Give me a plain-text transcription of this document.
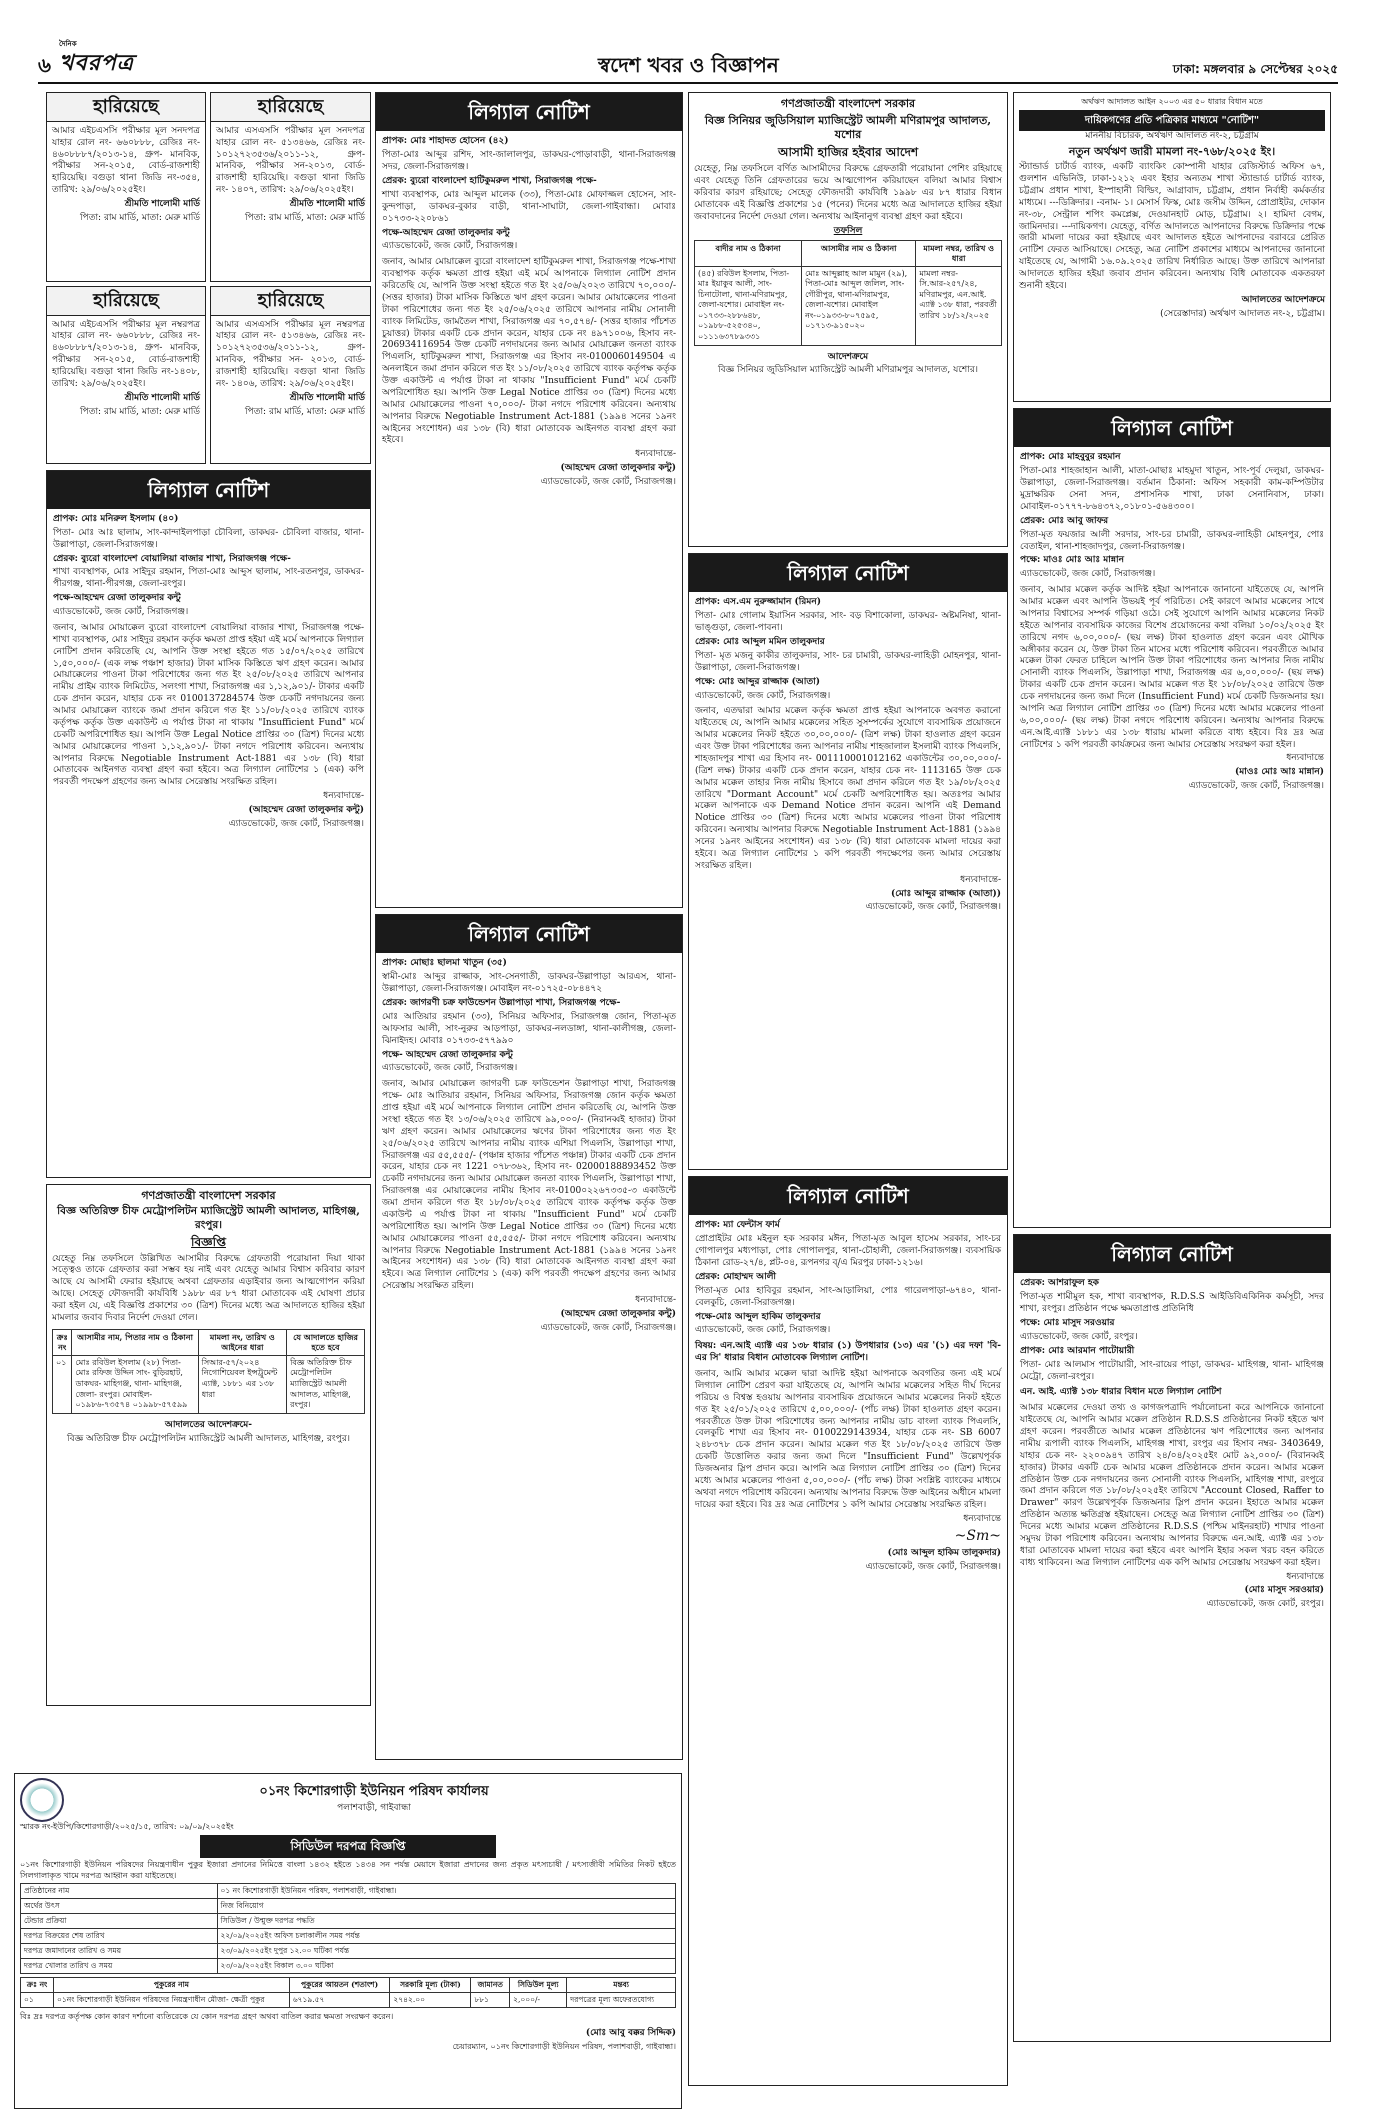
৬
দৈনিক
খবরপত্র	স্বদেশ খবর ও বিজ্ঞাপন	ঢাকা: মঙ্গলবার ৯ সেপ্টেম্বর ২০২৫
হারিয়েছে

আমার এইচএসসি পরীক্ষার মূল সনদপত্র যাহার রোল নং- ৬৬০৮৮৮, রেজিঃ নং- ৪৬০৮৮৮৭/২০১৩-১৪, গ্রুপ- মানবিক, পরীক্ষার সন-২০১৫, বোর্ড-রাজশাহী হারিয়েছি। বগুড়া থানা জিডি নং-৩৫৪, তারিখ: ২৯/০৬/২০২৫ইং।

শ্রীমতি শালোমী মার্ডি

পিতা: রাম মার্ডি, মাতা: মেরু মার্ডি

হারিয়েছে

আমার এসএসসি পরীক্ষার মূল সনদপত্র যাহার রোল নং- ৫১৩৪৬৬, রেজিঃ নং- ১০১২৭২৩৫৩৬/২০১১-১২, গ্রুপ- মানবিক, পরীক্ষার সন-২০১৩, বোর্ড-রাজশাহী হারিয়েছি। বগুড়া থানা জিডি নং- ১৪০৭, তারিখ: ২৯/০৬/২০২৫ইং।

শ্রীমতি শালোমী মার্ডি

পিতা: রাম মার্ডি, মাতা: মেরু মার্ডি

হারিয়েছে

আমার এইচএসসি পরীক্ষার মূল নম্বরপত্র যাহার রোল নং- ৬৬০৮৮৮, রেজিঃ নং- ৪৬০৮৮৮৭/২০১৩-১৪, গ্রুপ- মানবিক, পরীক্ষার সন-২০১৫, বোর্ড-রাজশাহী হারিয়েছি। বগুড়া থানা জিডি নং-১৪০৮, তারিখ: ২৯/০৬/২০২৫ইং।

শ্রীমতি শালোমী মার্ডি

পিতা: রাম মার্ডি, মাতা: মেরু মার্ডি

হারিয়েছে

আমার এসএসসি পরীক্ষার মূল নম্বরপত্র যাহার রোল নং- ৫১৩৪৬৬, রেজিঃ নং- ১০১২৭২৩৫৩৬/২০১১-১২, গ্রুপ- মানবিক, পরীক্ষার সন- ২০১৩, বোর্ড-রাজশাহী হারিয়েছি। বগুড়া থানা জিডি নং- ১৪০৬, তারিখ: ২৯/০৬/২০২৫ইং।

শ্রীমতি শালোমী মার্ডি

পিতা: রাম মার্ডি, মাতা: মেরু মার্ডি

লিগ্যাল নোটিশ

প্রাপক: মোঃ মনিরুল ইসলাম (৪০)

পিতা- মোঃ আঃ ছালাম, সাং-কান্দাইলপাড়া চৌবিলা, ডাকঘর- চৌবিলা বাজার, থানা-উল্লাপাড়া, জেলা-সিরাজগঞ্জ।

প্রেরক: ব্যুরো বাংলাদেশ বোয়ালিয়া বাজার শাখা, সিরাজগঞ্জ পক্ষে-

শাখা ব্যবস্থাপক, মোঃ সাইদুর রহমান, পিতা-মোঃ আব্দুস ছালাম, সাং-রতনপুর, ডাকঘর-পীরগঞ্জ, থানা-পীরগঞ্জ, জেলা-রংপুর।

পক্ষে-আহম্মেদ রেজা তালুকদার কন্টু

এ্যাডভোকেট, জজ কোর্ট, সিরাজগঞ্জ।

জনাব, আমার মোয়াক্কেল ব্যুরো বাংলাদেশ বোয়ালিয়া বাজার শাখা, সিরাজগঞ্জ পক্ষে-শাখা ব্যবস্থাপক, মোঃ সাইদুর রহমান কর্তৃক ক্ষমতা প্রাপ্ত হইয়া এই মর্মে আপনাকে লিগ্যাল নোটিশ প্রদান করিতেছি যে, আপনি উক্ত সংস্থা হইতে গত ১৫/০৭/২০২৫ তারিখে ১,৫০,০০০/- (এক লক্ষ পঞ্চাশ হাজার) টাকা মাসিক কিস্তিতে ঋণ গ্রহণ করেন। আমার মোয়াক্কেলের পাওনা টাকা পরিশোধের জন্য গত ইং ২৫/০৮/২০২৫ তারিখে আপনার নামীয় প্রাইম ব্যাংক লিমিটেড, সলংগা শাখা, সিরাজগঞ্জ এর ১,১২,৯০১/- টাকার একটি চেক প্রদান করেন, যাহার চেক নং 0100137284574 উক্ত চেকটি নগদায়নের জন্য আমার মোয়াক্কেল ব্যাংকে জমা প্রদান করিলে গত ইং ১১/০৮/২০২৫ তারিখে ব্যাংক কর্তৃপক্ষ কর্তৃক উক্ত একাউন্ট এ পর্যাপ্ত টাকা না থাকায় "Insufficient Fund" মর্মে চেকটি অপরিশোধিত হয়। আপনি উক্ত Legal Notice প্রাপ্তির ৩০ (ত্রিশ) দিনের মধ্যে আমার মোয়াক্কেলের পাওনা ১,১২,৯০১/- টাকা নগদে পরিশোধ করিবেন। অন্যথায় আপনার বিরুদ্ধে Negotiable Instrument Act-1881 এর ১৩৮ (বি) ধারা মোতাবেক আইনগত ব্যবস্থা গ্রহণ করা হইবে। অত্র লিগ্যাল নোটিশের ১ (এক) কপি পরবর্তী পদক্ষেপ গ্রহণের জন্য আমার সেরেস্তায় সংরক্ষিত রহিল।

ধন্যবাদান্তে-

(আহম্মেদ রেজা তালুকদার কন্টু)

এ্যাডভোকেট, জজ কোর্ট, সিরাজগঞ্জ।

গণপ্রজাতন্ত্রী বাংলাদেশ সরকার

বিজ্ঞ অতিরিক্ত চীফ মেট্রোপলিটন ম্যাজিস্ট্রেট আমলী আদালত, মাহিগঞ্জ, রংপুর।

বিজ্ঞপ্তি

যেহেতু নিম্ন তফসিলে উল্লিখিত আসামীর বিরুদ্ধে গ্রেফতারী পরোয়ানা দিয়া থাকা সত্ত্বেও তাকে গ্রেফতার করা সম্ভব হয় নাই এবং যেহেতু আমার বিশ্বাস করিবার কারণ আছে যে আসামী ফেরার হইয়াছে অথবা গ্রেফতার এড়াইবার জন্য আত্মগোপন করিয়া আছে। সেহেতু ফৌজদারী কার্যবিধি ১৯৮৮ এর ৮৭ ধারা মোতাবেক এই ঘোষণা প্রচার করা হইল যে, এই বিজ্ঞপ্তি প্রকাশের ৩০ (ত্রিশ) দিনের মধ্যে অত্র আদালতে হাজির হইয়া মামলার জবাব দিবার নির্দেশ দেওয়া গেল।

ক্রঃ নং	আসামীর নাম, পিতার নাম ও ঠিকানা	মামলা নং, তারিখ ও আইনের ধারা	যে আদালতে হাজির হতে হবে
০১	মোঃ রবিউল ইসলাম (২৮) পিতা- মোঃ রফিজ উদ্দিন সাং- বুড়িরহাট, ডাকঘর- মাহিগঞ্জ, থানা- মাহিগঞ্জ, জেলা- রংপুর। মোবাইল- ০১৯৮৬-৭৩৫৭৪ ০১৯৯৮-৫৭৫৯৯	সিআর-৫৭/২০২৪ নিগোশিয়েবল ইন্সট্রুমেন্ট এ্যাক্ট, ১৮৮১ এর ১৩৮ ধারা	বিজ্ঞ অতিরিক্ত চীফ মেট্রোপলিটন ম্যাজিস্ট্রেট আমলী আদালত, মাহিগঞ্জ, রংপুর।

আদালতের আদেশক্রমে-

বিজ্ঞ অতিরিক্ত চীফ মেট্রোপলিটন ম্যাজিস্ট্রেট আমলী আদালত, মাহিগঞ্জ, রংপুর।

লিগ্যাল নোটিশ

প্রাপক: মোঃ শাহাদত হোসেন (৪২)

পিতা-মোঃ আব্দুর রশিদ, সাং-জালালপুর, ডাকঘর-পোড়াবাড়ী, থানা-সিরাজগঞ্জ সদর, জেলা-সিরাজগঞ্জ।

প্রেরক: ব্যুরো বাংলাদেশ হাটিকুমরুল শাখা, সিরাজগঞ্জ পক্ষে-

শাখা ব্যবস্থাপক, মোঃ আব্দুল মালেক (৩৩), পিতা-মোঃ মোফাজ্জল হোসেন, সাং-কুন্দপাড়া, ডাকঘর-বুকার বাড়ী, থানা-সাঘাটা, জেলা-গাইবান্ধা। মোবাঃ ০১৭৩৩-২২০৮৬১

পক্ষে-আহম্মেদ রেজা তালুকদার কন্টু

এ্যাডভোকেট, জজ কোর্ট, সিরাজগঞ্জ।

জনাব, আমার মোয়াক্কেল ব্যুরো বাংলাদেশ হাটিকুমরুল শাখা, সিরাজগঞ্জ পক্ষে-শাখা ব্যবস্থাপক কর্তৃক ক্ষমতা প্রাপ্ত হইয়া এই মর্মে আপনাকে লিগ্যাল নোটিশ প্রদান করিতেছি যে, আপনি উক্ত সংস্থা হইতে গত ইং ২৫/০৬/২০২৩ তারিখে ৭০,০০০/- (সত্তর হাজার) টাকা মাসিক কিস্তিতে ঋণ গ্রহণ করেন। আমার মোয়াক্কেলের পাওনা টাকা পরিশোধের জন্য গত ইং ২৫/০৬/২০২৫ তারিখে আপনার নামীয় সোনালী ব্যাংক লিমিটেড, জামতৈল শাখা, সিরাজগঞ্জ এর ৭০,৫৭৪/- (সত্তর হাজার পাঁচশত চুয়াত্তর) টাকার একটি চেক প্রদান করেন, যাহার চেক নং ৪৯৭১০০৬, হিসাব নং- 206934116954 উক্ত চেকটি নগদায়নের জন্য আমার মোয়াক্কেল জনতা ব্যাংক পিএলসি, হাটিকুমরুল শাখা, সিরাজগঞ্জ এর হিসাব নং-0100060149504 এ অনলাইনে জমা প্রদান করিলে গত ইং ১১/০৮/২০২৫ তারিখে ব্যাংক কর্তৃপক্ষ কর্তৃক উক্ত একাউন্ট এ পর্যাপ্ত টাকা না থাকায় "Insufficient Fund" মর্মে চেকটি অপরিশোধিত হয়। আপনি উক্ত Legal Notice প্রাপ্তির ৩০ (ত্রিশ) দিনের মধ্যে আমার মোয়াক্কেলের পাওনা ৭০,০০০/- টাকা নগদে পরিশোধ করিবেন। অন্যথায় আপনার বিরুদ্ধে Negotiable Instrument Act-1881 (১৯৯৪ সনের ১৯নং আইনের সংশোধন) এর ১৩৮ (বি) ধারা মোতাবেক আইনগত ব্যবস্থা গ্রহণ করা হইবে।

ধন্যবাদান্তে-

(আহম্মেদ রেজা তালুকদার কন্টু)

এ্যাডভোকেট, জজ কোর্ট, সিরাজগঞ্জ।

লিগ্যাল নোটিশ

প্রাপক: মোছাঃ ছালমা খাতুন (৩৫)

স্বামী-মোঃ আব্দুর রাজ্জাক, সাং-সেনগাতী, ডাকঘর-উল্লাপাড়া আরএস, থানা-উল্লাপাড়া, জেলা-সিরাজগঞ্জ। মোবাইল নং-০১৭২৫-০৮৪৪৭২

প্রেরক: জাগরণী চক্র ফাউন্ডেশন উল্লাপাড়া শাখা, সিরাজগঞ্জ পক্ষে-

মোঃ আতিয়ার রহমান (৩৩), সিনিয়র অফিসার, সিরাজগঞ্জ জোন, পিতা-মৃত আফসার আলী, সাং-নুরুর আড়পাড়া, ডাকঘর-নলডাঙ্গা, থানা-কালীগঞ্জ, জেলা-ঝিনাইদহ। মোবাঃ ০১৭৩৩-৫৭৭৯৯০

পক্ষে- আহম্মেদ রেজা তালুকদার কন্টু

এ্যাডভোকেট, জজ কোর্ট, সিরাজগঞ্জ।

জনাব, আমার মোয়াক্কেল জাগরণী চক্র ফাউন্ডেশন উল্লাপাড়া শাখা, সিরাজগঞ্জ পক্ষে- মোঃ আতিয়ার রহমান, সিনিয়র অফিসার, সিরাজগঞ্জ জোন কর্তৃক ক্ষমতা প্রাপ্ত হইয়া এই মর্মে আপনাকে লিগ্যাল নোটিশ প্রদান করিতেছি যে, আপনি উক্ত সংস্থা হইতে গত ইং ১৩/০৬/২০২৫ তারিখে ৯৯,০০০/- (নিরানব্বই হাজার) টাকা ঋণ গ্রহণ করেন। আমার মোয়াক্কেলের ঋণের টাকা পরিশোধের জন্য গত ইং ২৫/০৬/২০২৫ তারিখে আপনার নামীয় ব্যাংক এশিয়া পিএলসি, উল্লাপাড়া শাখা, সিরাজগঞ্জ এর ৫৫,৫৫৫/- (পঞ্চান্ন হাজার পাঁচশত পঞ্চান্ন) টাকার একটি চেক প্রদান করেন, যাহার চেক নং 1221 ০৭৮৩৬২, হিসাব নং- 02000188893452 উক্ত চেকটি নগদায়নের জন্য আমার মোয়াক্কেল জনতা ব্যাংক পিএলসি, উল্লাপাড়া শাখা, সিরাজগঞ্জ এর মোয়াক্কেলের নামীয় হিসাব নং-0100০২২৬৭৩৩৫-৩ একাউন্টে জমা প্রদান করিলে গত ইং ১৮/০৮/২০২৫ তারিখে ব্যাংক কর্তৃপক্ষ কর্তৃক উক্ত একাউন্ট এ পর্যাপ্ত টাকা না থাকায় "Insufficient Fund" মর্মে চেকটি অপরিশোধিত হয়। আপনি উক্ত Legal Notice প্রাপ্তির ৩০ (ত্রিশ) দিনের মধ্যে আমার মোয়াক্কেলের পাওনা ৫৫,৫৫৫/- টাকা নগদে পরিশোধ করিবেন। অন্যথায় আপনার বিরুদ্ধে Negotiable Instrument Act-1881 (১৯৯৪ সনের ১৯নং আইনের সংশোধন) এর ১৩৮ (বি) ধারা মোতাবেক আইনগত ব্যবস্থা গ্রহণ করা হইবে। অত্র লিগ্যাল নোটিশের ১ (এক) কপি পরবর্তী পদক্ষেপ গ্রহণের জন্য আমার সেরেস্তায় সংরক্ষিত রহিল।

ধন্যবাদান্তে-

(আহম্মেদ রেজা তালুকদার কন্টু)

এ্যাডভোকেট, জজ কোর্ট, সিরাজগঞ্জ।

গণপ্রজাতন্ত্রী বাংলাদেশ সরকার

বিজ্ঞ সিনিয়র জুডিসিয়াল ম্যাজিস্ট্রেট আমলী মণিরামপুর আদালত, যশোর

আসামী হাজির হইবার আদেশ

যেহেতু, নিম্ন তফসিলে বর্ণিত আসামীদের বিরুদ্ধে গ্রেফতারী পরোয়ানা পেশিং রহিয়াছে এবং যেহেতু তিনি গ্রেফতারের ভয়ে আত্মগোপন করিয়াছেন বলিয়া আমার বিশ্বাস করিবার কারণ রহিয়াছে; সেহেতু ফৌজদারী কার্যবিধি ১৯৯৮ এর ৮৭ ধারার বিধান মোতাবেক এই বিজ্ঞপ্তি প্রকাশের ১৫ (পনের) দিনের মধ্যে অত্র আদালতে হাজির হইয়া জবাবদানের নির্দেশ দেওয়া গেল। অন্যথায় আইনানুগ ব্যবস্থা গ্রহণ করা হইবে।

তফসিল

বাদীর নাম ও ঠিকানা	আসামীর নাম ও ঠিকানা	মামলা নম্বর, তারিখ ও ধারা
(৪৫) রবিউল ইসলাম, পিতা-মাঃ ইয়াকুব আলী, সাং-চিনাটোলা, থানা-মণিরামপুর, জেলা-যশোর। মোবাইল নং- ০১৭৩৩-২৮৮৬৪৮, ০১৯৮৮-৫২৫৩৪০, ০১১১৬৩৭৮৯৩৩১	মোঃ আব্দুল্লাহ আল মামুন (২৯), পিতা-মোঃ আব্দুল জলিল, সাং-গৌরীপুর, থানা-মণিরামপুর, জেলা-যশোর। মোবাইল নং-০১৯৩৩-৮০৭৫৯৫, ০১৭১৩-৯১৫০২০	মামলা নম্বর- সি.আর-২৫৭/২৪, মণিরামপুর, এন.আই. এ্যাক্ট ১৩৮ ধারা, পরবর্তী তারিখ ১৮/১২/২০২৫

আদেশক্রমে

বিজ্ঞ সিনিয়র জুডিসিয়াল ম্যাজিস্ট্রেট আমলী মণিরামপুর আদালত, যশোর।

লিগ্যাল নোটিশ

প্রাপক: এস.এম নুরুজ্জামান (রিমন)

পিতা- মোঃ গোলাম ইয়াসিন সরকার, সাং- বড় বিশাকোলা, ডাকঘর- অষ্টমনিষা, থানা-ভাঙ্গুড়া, জেলা-পাবনা।

প্রেরক: মোঃ আব্দুল মমিন তালুকদার

পিতা- মৃত মজনু কাকীর তালুকদার, সাং- চর চামারী, ডাকঘর-লাহিড়ী মোহনপুর, থানা- উল্লাপাড়া, জেলা-সিরাজগঞ্জ।

পক্ষে: মোঃ আব্দুর রাজ্জাক (আতা)

এ্যাডভোকেট, জজ কোর্ট, সিরাজগঞ্জ।

জনাব, এতদ্বারা আমার মক্কেল কর্তৃক ক্ষমতা প্রাপ্ত হইয়া আপনাকে অবগত করানো যাইতেছে যে, আপনি আমার মক্কেলের সহিত সুসম্পর্কের সুযোগে ব্যবসায়িক প্রয়োজনে আমার মক্কেলের নিকট হইতে ৩০,০০,০০০/- (ত্রিশ লক্ষ) টাকা হাওলাত গ্রহণ করেন এবং উক্ত টাকা পরিশোধের জন্য আপনার নামীয় শাহজালাল ইসলামী ব্যাংক পিএলসি, শাহজাদপুর শাখা এর হিসাব নং- 001110001012162 একাউন্টের ৩০,০০,০০০/- (ত্রিশ লক্ষ) টাকার একটি চেক প্রদান করেন, যাহার চেক নং- 1113165 উক্ত চেক আমার মক্কেল তাহার নিজ নামীয় হিসাবে জমা প্রদান করিলে গত ইং ১৯/০৮/২০২৫ তারিখে "Dormant Account" মর্মে চেকটি অপরিশোধিত হয়। অতঃপর আমার মক্কেল আপনাকে এক Demand Notice প্রদান করেন। আপনি এই Demand Notice প্রাপ্তির ৩০ (ত্রিশ) দিনের মধ্যে আমার মক্কেলের পাওনা টাকা পরিশোধ করিবেন। অন্যথায় আপনার বিরুদ্ধে Negotiable Instrument Act-1881 (১৯৯৪ সনের ১৯নং আইনের সংশোধন) এর ১৩৮ (বি) ধারা মোতাবেক মামলা দায়ের করা হইবে। অত্র লিগ্যাল নোটিশের ১ কপি পরবর্তী পদক্ষেপের জন্য আমার সেরেস্তায় সংরক্ষিত রহিল।

ধন্যবাদান্তে-

(মোঃ আব্দুর রাজ্জাক (আতা))

এ্যাডভোকেট, জজ কোর্ট, সিরাজগঞ্জ।

লিগ্যাল নোটিশ

প্রাপক: ম্যা ফেন্টাস ফার্ম

প্রোপ্রাইটর মোঃ মইনুল হক সরকার মঈন, পিতা-মৃত আবুল হাসেম সরকার, সাং-চর গোপালপুর মধ্যপাড়া, পোঃ গোপালপুর, থানা-চৌহালী, জেলা-সিরাজগঞ্জ। ব্যবসায়িক ঠিকানা রোড-২৭/৪, প্লট-০৪, রূপনগর ব্/এ মিরপুর ঢাকা-১২১৬।

প্রেরক: মোহাম্মদ আলী

পিতা-মৃত মোঃ হাবিবুর রহমান, সাং-আড়ালিয়া, পোঃ গারেলপাড়া-৬৭৪০, থানা-বেলকুচি, জেলা-সিরাজগঞ্জ।

পক্ষে-মোঃ আব্দুল হাকিম তালুকদার

এ্যাডভোকেট, জজ কোর্ট, সিরাজগঞ্জ।

বিষয়: এন.আই এ্যাক্ট এর ১৩৮ ধারার (১) উপধারার (১৩) এর '(১) এর দফা 'বি-এর সি' ধারার বিধান মোতাবেক লিগ্যাল নোটিশ।

জনাব, আমি আমার মক্কেল দ্বারা আদিষ্ট হইয়া আপনাকে অবগতির জন্য এই মর্মে লিগ্যাল নোটিশ প্রেরণ করা যাইতেছে যে, আপনি আমার মক্কেলের সহিত দীর্ঘ দিনের পরিচয় ও বিশ্বস্ত হওয়ায় আপনার ব্যবসায়িক প্রয়োজনে আমার মক্কেলের নিকট হইতে গত ইং ২৫/০১/২০২৫ তারিখে ৫,০০,০০০/- (পাঁচ লক্ষ) টাকা হাওলাত গ্রহণ করেন। পরবর্তীতে উক্ত টাকা পরিশোধের জন্য আপনার নামীয় ডাচ বাংলা ব্যাংক পিএলসি, বেলকুচি শাখা এর হিসাব নং- 0100229143934, যাহার চেক নং- SB 6007 ২৪৮৩৭৮ চেক প্রদান করেন। আমার মক্কেল গত ইং ১৮/০৮/২০২৫ তারিখে উক্ত চেকটি উত্তোলিত করার জন্য জমা দিলে "Insufficient Fund" উল্লেখপূর্বক ডিজঅনার স্লিপ প্রদান করে। আপনি অত্র লিগ্যাল নোটিশ প্রাপ্তির ৩০ (ত্রিশ) দিনের মধ্যে আমার মক্কেলের পাওনা ৫,০০,০০০/- (পাঁচ লক্ষ) টাকা সংশ্লিষ্ট ব্যাংকের মাধ্যমে অথবা নগদে পরিশোধ করিবেন। অন্যথায় আপনার বিরুদ্ধে উক্ত আইনের অধীনে মামলা দায়ের করা হইবে। বিঃ দ্রঃ অত্র নোটিশের ১ কপি আমার সেরেস্তায় সংরক্ষিত রহিল।

ধন্যবাদান্তে

~Sm~

(মোঃ আব্দুল হাকিম তালুকদার)

এ্যাডভোকেট, জজ কোর্ট, সিরাজগঞ্জ।

অর্থঋণ আদালত আইন ২০০৩ এর ৫০ ধারার বিধান মতে

দায়িকগণের প্রতি পত্রিকার মাধ্যমে "নোটিশ"

মাননীয় বিচারক, অর্থঋণ আদালত নং-২, চট্টগ্রাম

নতুন অর্থঋণ জারী মামলা নং-৭৬৮/২০২৫ ইং।

স্ট্যান্ডার্ড চার্টার্ড ব্যাংক, একটি ব্যাংকিং কোম্পানী যাহার রেজিস্টার্ড অফিস ৬৭, গুলশান এভিনিউ, ঢাকা-১২১২ এবং ইহার অন্যতম শাখা স্ট্যান্ডার্ড চার্টার্ড ব্যাংক, চট্টগ্রাম প্রধান শাখা, ইস্পাহানী বিল্ডিং, আগ্রাবাদ, চট্টগ্রাম, প্রধান নির্বাহী কর্মকর্তার মাধ্যমে। ---ডিক্রিদার। -বনাম- ১। মেসার্স ফিস্ক, মোঃ জসীম উদ্দিন, প্রোপ্রাইটর, দোকান নং-৩৮, সেন্ট্রাল শপিং কমপ্লেক্স, দেওয়ানহাট মোড়, চট্টগ্রাম। ২। হামিদা বেগম, জামিনদার। ---দায়িকগণ। যেহেতু, বর্ণিত আদালতে আপনাদের বিরুদ্ধে ডিক্রিদার পক্ষে জারী মামলা দায়ের করা হইয়াছে এবং আদালত হইতে আপনাদের বরাবরে প্রেরিত নোটিশ ফেরত আসিয়াছে। সেহেতু, অত্র নোটিশ প্রকাশের মাধ্যমে আপনাদের জানানো যাইতেছে যে, আগামী ১৬.০৯.২০২৫ তারিখ নির্ধারিত আছে। উক্ত তারিখে আপনারা আদালতে হাজির হইয়া জবাব প্রদান করিবেন। অন্যথায় বিধি মোতাবেক একতরফা শুনানী হইবে।

আদালতের আদেশক্রমে

(সেরেস্তাদার) অর্থঋণ আদালত নং-২, চট্টগ্রাম।

লিগ্যাল নোটিশ

প্রাপক: মোঃ মাহবুবুর রহমান

পিতা-মোঃ শাহজাহান আলী, মাতা-মোছাঃ মাহমুদা খাতুন, সাং-পূর্ব দেলুয়া, ডাকঘর-উল্লাপাড়া, জেলা-সিরাজগঞ্জ। বর্তমান ঠিকানা: অফিস সহকারী কাম-কম্পিউটার মুদ্রাক্ষরিক সেনা সদন, প্রশাসনিক শাখা, ঢাকা সেনানিবাস, ঢাকা। মোবাইল-০১৭৭৭-৮৬৪৩৭২,০১৮০১-৫৬৪৩০০।

প্রেরক: মোঃ আবু জাফর

পিতা-মৃত ফয়জার আলী সরদার, সাং-চর চামারী, ডাকঘর-লাহিড়ী মোহনপুর, পোঃ বেতাইল, থানা-শাহজাদপুর, জেলা-সিরাজগঞ্জ।

পক্ষে: মাওঃ মোঃ আঃ মান্নান

এ্যাডভোকেট, জজ কোর্ট, সিরাজগঞ্জ।

জনাব, আমার মক্কেল কর্তৃক আদিষ্ট হইয়া আপনাকে জানানো যাইতেছে যে, আপনি আমার মক্কেল এবং আপনি উভয়ই পূর্ব পরিচিত। সেই কারণে আমার মক্কেলের সাথে আপনার বিশ্বাসের সম্পর্ক গড়িয়া ওঠে। সেই সুযোগে আপনি আমার মক্কেলের নিকট হইতে আপনার ব্যবসায়িক কাজের বিশেষ প্রয়োজনের কথা বলিয়া ১০/০২/২০২৫ ইং তারিখে নগদ ৬,০০,০০০/- (ছয় লক্ষ) টাকা হাওলাত গ্রহণ করেন এবং মৌখিক অঙ্গীকার করেন যে, উক্ত টাকা তিন মাসের মধ্যে পরিশোধ করিবেন। পরবর্তীতে আমার মক্কেল টাকা ফেরত চাহিলে আপনি উক্ত টাকা পরিশোধের জন্য আপনার নিজ নামীয় সোনালী ব্যাংক পিএলসি, উল্লাপাড়া শাখা, সিরাজগঞ্জ এর ৬,০০,০০০/- (ছয় লক্ষ) টাকার একটি চেক প্রদান করেন। আমার মক্কেল গত ইং ১৮/০৮/২০২৫ তারিখে উক্ত চেক নগদায়নের জন্য জমা দিলে (Insufficient Fund) মর্মে চেকটি ডিজঅনার হয়। আপনি অত্র লিগ্যাল নোটিশ প্রাপ্তির ৩০ (ত্রিশ) দিনের মধ্যে আমার মক্কেলের পাওনা ৬,০০,০০০/- (ছয় লক্ষ) টাকা নগদে পরিশোধ করিবেন। অন্যথায় আপনার বিরুদ্ধে এন.আই.এ্যাক্ট ১৮৮১ এর ১৩৮ ধারায় মামলা করিতে বাধ্য হইবে। বিঃ দ্রঃ অত্র নোটিশের ১ কপি পরবর্তী কার্যক্রমের জন্য আমার সেরেস্তায় সংরক্ষণ করা হইল।

ধন্যবাদান্তে

(মাওঃ মোঃ আঃ মান্নান)

এ্যাডভোকেট, জজ কোর্ট, সিরাজগঞ্জ।

লিগ্যাল নোটিশ

প্রেরক: আশরাফুল হক

পিতা-মৃত শামীমুল হক, শাখা ব্যবস্থাপক, R.D.S.S আইডিবিএকিনিক কর্মসূচী, সদর শাখা, রংপুর। প্রতিষ্ঠান পক্ষে ক্ষমতাপ্রাপ্ত প্রতিনিধি

পক্ষে: মোঃ মাসুদ সরওয়ার

এ্যাডভোকেট, জজ কোর্ট, রংপুর।

প্রাপক: মোঃ আরমান পাটোয়ারী

পিতা- মোঃ আলমাস পাটোয়ারী, সাং-রায়ের পাড়া, ডাকঘর- মাহিগঞ্জ, থানা- মাহিগঞ্জ মেট্রো, জেলা-রংপুর।

এন. আই. এ্যাক্ট ১৩৮ ধারার বিধান মতে লিগ্যাল নোটিশ

আমার মক্কেলের দেওয়া তথ্য ও কাগজপত্রাদি পর্যালোচনা করে আপনিকে জানানো যাইতেছে যে, আপনি আমার মক্কেল প্রতিষ্ঠান R.D.S.S প্রতিষ্ঠানের নিকট হইতে ঋণ গ্রহণ করেন। পরবর্তীতে আমার মক্কেল প্রতিষ্ঠানের ঋণ পরিশোধের জন্য আপনার নামীয় রূপালী ব্যাংক পিএলসি, মাহিগঞ্জ শাখা, রংপুর এর হিসাব নম্বর- 3403649, যাহার চেক নং- ২২০০৯৪৭ তারিখ ২৪/০৪/২০২৫ইং মোট ৯২,০০০/- (বিরানব্বই হাজার) টাকার একটি চেক আমার মক্কেল প্রতিষ্ঠানকে প্রদান করেন। আমার মক্কেল প্রতিষ্ঠান উক্ত চেক নগদায়নের জন্য সোনালী ব্যাংক পিএলসি, মাহিগঞ্জ শাখা, রংপুরে জমা প্রদান করিলে গত ১৮/০৮/২০২৫ইং তারিখে "Account Closed, Raffer to Drawer" কারণ উল্লেখপূর্বক ডিজঅনার স্লিপ প্রদান করেন। ইহাতে আমার মক্কেল প্রতিষ্ঠান অত্যন্ত ক্ষতিগ্রস্ত হইয়াছেন। সেহেতু অত্র লিগ্যাল নোটিশ প্রাপ্তির ৩০ (ত্রিশ) দিনের মধ্যে আমার মক্কেল প্রতিষ্ঠানের R.D.S.S (পশ্চিম মাইনরহাট) শাখার পাওনা সমুদয় টাকা পরিশোধ করিবেন। অন্যথায় আপনার বিরুদ্ধে এন.আই. এ্যাক্ট এর ১৩৮ ধারা মোতাবেক মামলা দায়ের করা হইবে এবং আপনি ইহার সকল খরচ বহন করিতে বাধ্য থাকিবেন। অত্র লিগ্যাল নোটিশের এক কপি আমার সেরেস্তায় সংরক্ষণ করা হইল।

ধন্যবাদান্তে

(মোঃ মাসুদ সরওয়ার)

এ্যাডভোকেট, জজ কোর্ট, রংপুর।

০১নং কিশোরগাড়ী ইউনিয়ন পরিষদ কার্যালয়

পলাশবাড়ী, গাইবান্ধা

স্মারক নং-ইউপি/কিশোরগাড়ী/২০২৫/১৫, তারিখ: ০৯/০৯/২০২৫ইং

সিডিউল দরপত্র বিজ্ঞপ্তি

০১নং কিশোরগাড়ী ইউনিয়ন পরিষদের নিয়ন্ত্রণাধীন পুকুর ইজারা প্রদানের নিমিত্তে বাংলা ১৪৩২ হইতে ১৪৩৪ সন পর্যন্ত মেয়াদে ইজারা প্রদানের জন্য প্রকৃত মৎস্যচাষী / মৎস্যজীবী সমিতির নিকট হইতে সিলগালাকৃত খামে দরপত্র আহ্বান করা যাইতেছে।

প্রতিষ্ঠানের নাম	০১ নং কিশোরগাড়ী ইউনিয়ন পরিষদ, পলাশবাড়ী, গাইবান্ধা।
অর্থের উৎস	নিজ বিনিয়োগ
টেন্ডার প্রক্রিয়া	সিডিউল / উন্মুক্ত দরপত্র পদ্ধতি
দরপত্র বিক্রয়ের শেষ তারিখ	২২/০৯/২০২৫ইং অফিস চলাকালীন সময় পর্যন্ত
দরপত্র জমাদানের তারিখ ও সময়	২৩/০৯/২০২৫ইং দুপুর ১২.০০ ঘটিকা পর্যন্ত
দরপত্র খোলার তারিখ ও সময়	২৩/০৯/২০২৫ইং বিকাল ৩.০০ ঘটিকা
ক্রঃ নং	পুকুরের নাম	পুকুরের আয়তন (শতাংশ)	সরকারি মূল্য (টাকা)	জামানত	সিডিউল মূল্য	মন্তব্য
০১	০১নং কিশোরগাড়ী ইউনিয়ন পরিষদের নিয়ন্ত্রণাধীন মৌজা- ক্ষেত্রী পুকুর	৬৭১৯.৫৭	২৭৪২.০০	৮৮১	২,০০০/-	দরপত্রের মূল্য অফেরতযোগ্য

বিঃ দ্রঃ দরপত্র কর্তৃপক্ষ কোন কারণ দর্শানো ব্যতিরেকে যে কোন দরপত্র গ্রহণ অথবা বাতিল করার ক্ষমতা সংরক্ষণ করেন।

(মোঃ আবু বক্কর সিদ্দিক)

চেয়ারম্যান, ০১নং কিশোরগাড়ী ইউনিয়ন পরিষদ, পলাশবাড়ী, গাইবান্ধা।
